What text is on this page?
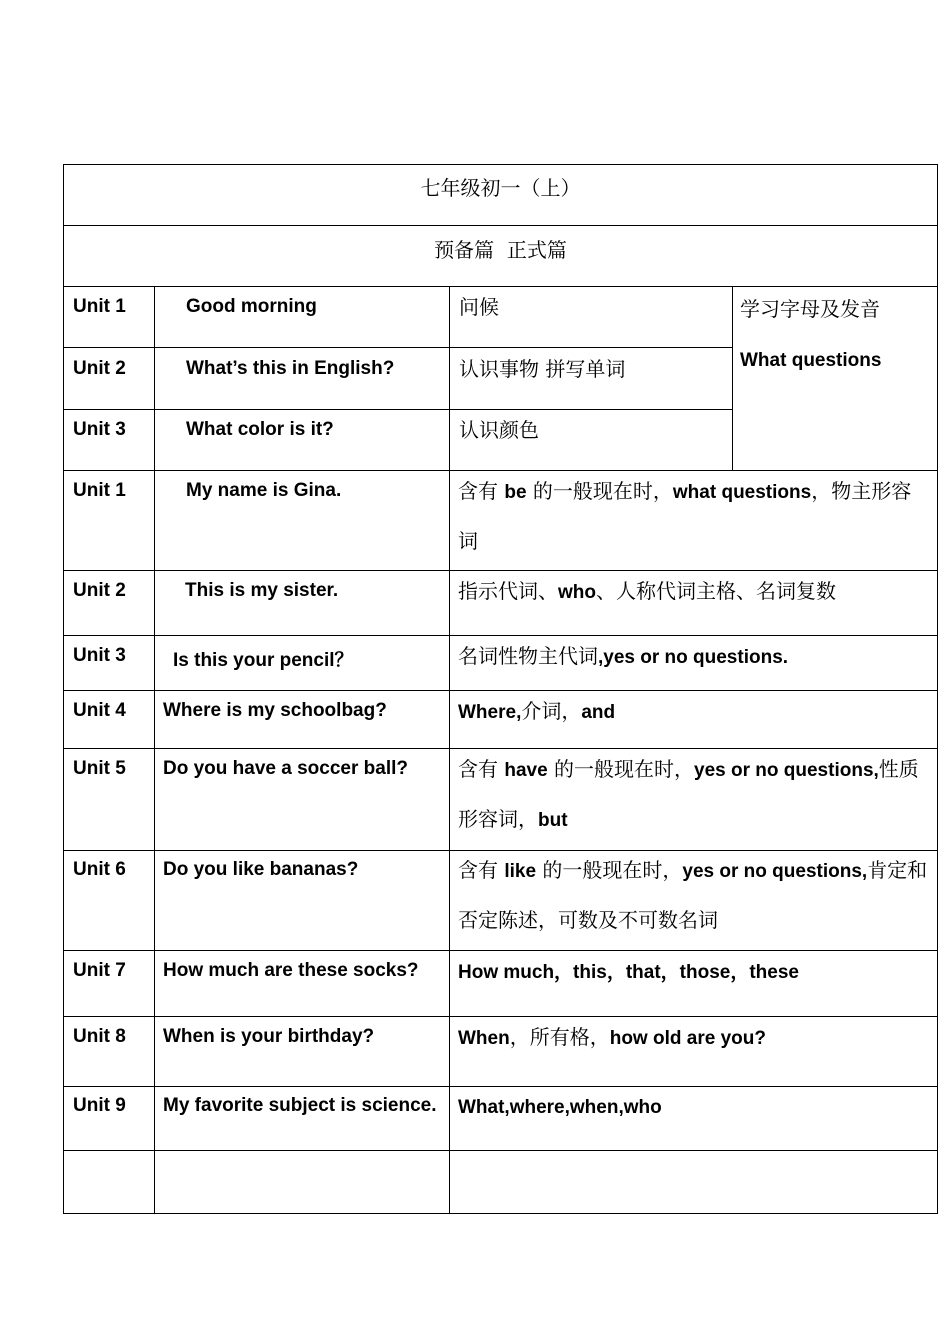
七年级初一（上）
预备篇  正式篇
学习字母及发音
What questions
Unit 1	Good morning	问候
Unit 2	What’s this in English?	认识事物 拼写单词
Unit 3	What color is it?	认识颜色
Unit 1	My name is Gina.	含有 be 的一般现在时，what questions，物主形容词
Unit 2	This is my sister.	指示代词、who、人称代词主格、名词复数
Unit 3 Is this your pencil？	名词性物主代词,yes or no questions.
Unit 4 Where is my schoolbag?	Where,介词，and
Unit 5 Do you have a soccer ball?	含有 have 的一般现在时，yes or no questions,性质形容词，but
Unit 6 Do you like bananas?	含有 like 的一般现在时，yes or no questions,肯定和否定陈述，可数及不可数名词
Unit 7 How much are these socks?	How much，this，that，those，these
Unit 8 When is your birthday?	When，所有格，how old are you?
Unit 9 My favorite subject is science.	What,where,when,who
